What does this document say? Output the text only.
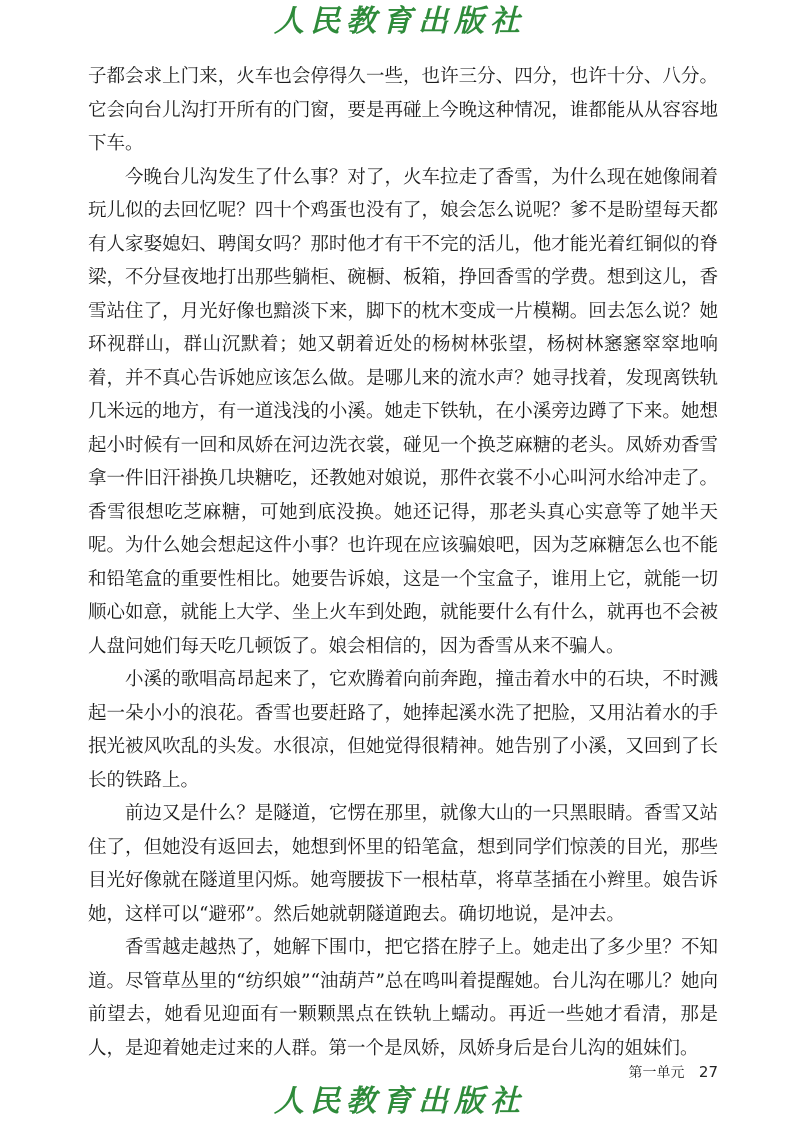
人民教育出版社

子都会求上门来，火车也会停得久一些，也许三分、四分，也许十分、八分。它会向台儿沟打开所有的门窗，要是再碰上今晚这种情况，谁都能从从容容地下车。

今晚台儿沟发生了什么事？对了，火车拉走了香雪，为什么现在她像闹着玩儿似的去回忆呢？四十个鸡蛋也没有了，娘会怎么说呢？爹不是盼望每天都有人家娶媳妇、聘闺女吗？那时他才有干不完的活儿，他才能光着红铜似的脊梁，不分昼夜地打出那些躺柜、碗橱、板箱，挣回香雪的学费。想到这儿，香雪站住了，月光好像也黯淡下来，脚下的枕木变成一片模糊。回去怎么说？她环视群山，群山沉默着；她又朝着近处的杨树林张望，杨树林窸窸窣窣地响着，并不真心告诉她应该怎么做。是哪儿来的流水声？她寻找着，发现离铁轨几米远的地方，有一道浅浅的小溪。她走下铁轨，在小溪旁边蹲了下来。她想起小时候有一回和凤娇在河边洗衣裳，碰见一个换芝麻糖的老头。凤娇劝香雪拿一件旧汗褂换几块糖吃，还教她对娘说，那件衣裳不小心叫河水给冲走了。香雪很想吃芝麻糖，可她到底没换。她还记得，那老头真心实意等了她半天呢。为什么她会想起这件小事？也许现在应该骗娘吧，因为芝麻糖怎么也不能和铅笔盒的重要性相比。她要告诉娘，这是一个宝盒子，谁用上它，就能一切顺心如意，就能上大学、坐上火车到处跑，就能要什么有什么，就再也不会被人盘问她们每天吃几顿饭了。娘会相信的，因为香雪从来不骗人。

小溪的歌唱高昂起来了，它欢腾着向前奔跑，撞击着水中的石块，不时溅起一朵小小的浪花。香雪也要赶路了，她捧起溪水洗了把脸，又用沾着水的手抿光被风吹乱的头发。水很凉，但她觉得很精神。她告别了小溪，又回到了长长的铁路上。

前边又是什么？是隧道，它愣在那里，就像大山的一只黑眼睛。香雪又站住了，但她没有返回去，她想到怀里的铅笔盒，想到同学们惊羡的目光，那些目光好像就在隧道里闪烁。她弯腰拔下一根枯草，将草茎插在小辫里。娘告诉她，这样可以“避邪”。然后她就朝隧道跑去。确切地说，是冲去。

香雪越走越热了，她解下围巾，把它搭在脖子上。她走出了多少里？不知道。尽管草丛里的“纺织娘”“油葫芦”总在鸣叫着提醒她。台儿沟在哪儿？她向前望去，她看见迎面有一颗颗黑点在铁轨上蠕动。再近一些她才看清，那是人，是迎着她走过来的人群。第一个是凤娇，凤娇身后是台儿沟的姐妹们。

第一单元 27
人民教育出版社
